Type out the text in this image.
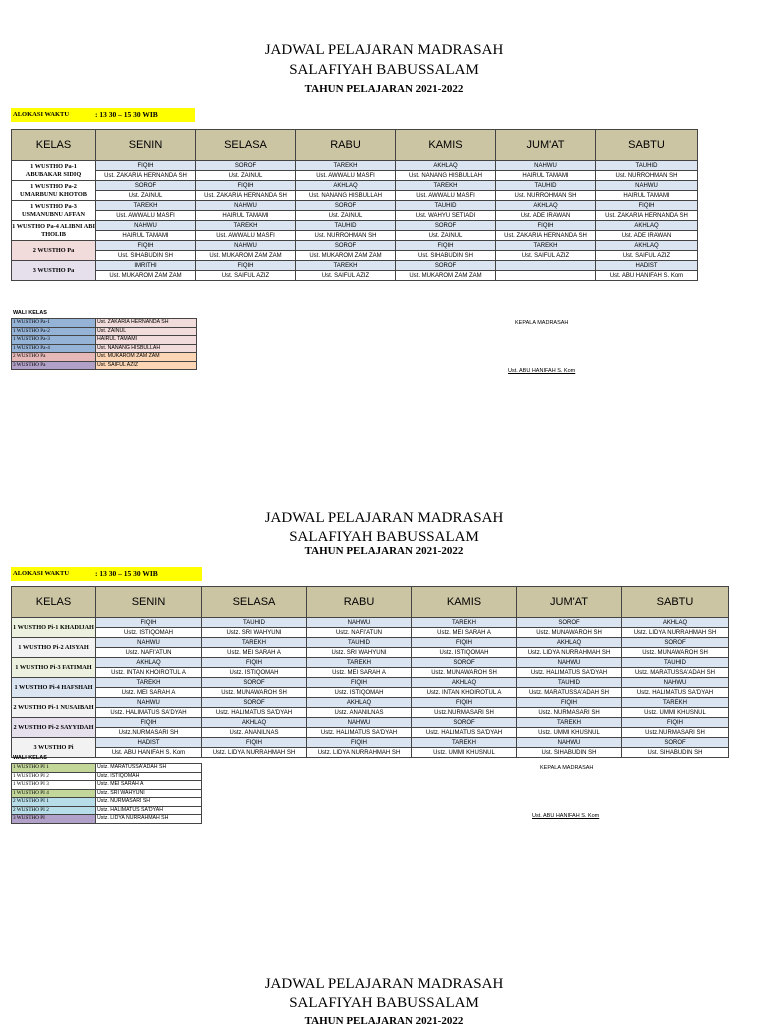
JADWAL PELAJARAN MADRASAH
SALAFIYAH BABUSSALAM
TAHUN PELAJARAN 2021-2022
ALOKASI WAKTU	: 13 30 – 15 30 WIB
KELAS	SENIN	SELASA	RABU	KAMIS	JUM'AT	SABTU
1 WUSTHO Pa-1 ABUBAKAR SIDIQ	FIQIH	SOROF	TAREKH	AKHLAQ	NAHWU	TAUHID
	Ust. ZAKARIA HERNANDA SH	Ust. ZAINUL	Ust. AWWALU MASFI	Ust. NANANG HISBULLAH	HAIRUL TAMAMI	Ust. NURROHMAN SH
1 WUSTHO Pa-2 UMARBUNU KHOTOB	SOROF	FIQIH	AKHLAQ	TAREKH	TAUHID	NAHWU
	Ust. ZAINUL	Ust. ZAKARIA HERNANDA SH	Ust. NANANG HISBULLAH	Ust. AWWALU MASFI	Ust. NURROHMAN SH	HAIRUL TAMAMI
1 WUSTHO Pa-3 USMANUBNU AFFAN	TAREKH	NAHWU	SOROF	TAUHID	AKHLAQ	FIQIH
	Ust. AWWALU MASFI	HAIRUL TAMAMI	Ust. ZAINUL	Ust. WAHYU SETIADI	Ust. ADE IRAWAN	Ust. ZAKARIA HERNANDA SH
1 WUSTHO Pa-4 ALIBNI ABI THOLIB	NAHWU	TAREKH	TAUHID	SOROF	FIQIH	AKHLAQ
	HAIRUL TAMAMI	Ust. AWWALU MASFI	Ust. NURROHMAN SH	Ust. ZAINUL	Ust. ZAKARIA HERNANDA SH	Ust. ADE IRAWAN
2 WUSTHO Pa	FIQIH	NAHWU	SOROF	FIQIH	TAREKH	AKHLAQ
	Ust. SIHABUDIN SH	Ust. MUKAROM ZAM ZAM	Ust. MUKAROM ZAM ZAM	Ust. SIHABUDIN SH	Ust. SAIFUL AZIZ	Ust. SAIFUL AZIZ
3 WUSTHO Pa	IMRITHI	FIQIH	TAREKH	SOROF		HADIST
	Ust. MUKAROM ZAM ZAM	Ust. SAIFUL AZIZ	Ust. SAIFUL AZIZ	Ust. MUKAROM ZAM ZAM		Ust. ABU HANIFAH S. Kom
WALI KELAS
1 WUSTHO Pa-1	Ust. ZAKARIA HERNANDA SH
1 WUSTHO Pa-2	Ust. ZAINUL
1 WUSTHO Pa-3	HAIRUL TAMAMI
1 WUSTHO Pa-4	Ust. NANANG HISBULLAH
2 WUSTHO Pa	Ust. MUKAROM ZAM ZAM
3 WUSTHO Pa	Ust. SAIFUL AZIZ
KEPALA MADRASAH
Ust. ABU HANIFAH S. Kom
JADWAL PELAJARAN MADRASAH
SALAFIYAH BABUSSALAM
TAHUN PELAJARAN 2021-2022
ALOKASI WAKTU	: 13 30 – 15 30 WIB
KELAS	SENIN	SELASA	RABU	KAMIS	JUM'AT	SABTU
1 WUSTHO Pi-1 KHADIJAH	FIQIH	TAUHID	NAHWU	TAREKH	SOROF	AKHLAQ
	Ustz. ISTIQOMAH	Ustz. SRI WAHYUNI	Ustz. NAFI'ATUN	Ustz. MEI SARAH A	Ustz. MUNAWAROH SH	Ustz. LIDYA NURRAHMAH SH
1 WUSTHO Pi-2 AISYAH	NAHWU	TAREKH	TAUHID	FIQIH	AKHLAQ	SOROF
	Ustz. NAFI'ATUN	Ustz. MEI SARAH A	Ustz. SRI WAHYUNI	Ustz. ISTIQOMAH	Ustz. LIDYA NURRAHMAH SH	Ustz. MUNAWAROH SH
1 WUSTHO Pi-3 FATIMAH	AKHLAQ	FIQIH	TAREKH	SOROF	NAHWU	TAUHID
	Ustz. INTAN KHOIROTUL A	Ustz. ISTIQOMAH	Ustz. MEI SARAH A	Ustz. MUNAWAROH SH	Ustz. HALIMATUS SA'DYAH	Ustz. MARATUSSA'ADAH SH
1 WUSTHO Pi-4 HAFSHAH	TAREKH	SOROF	FIQIH	AKHLAQ	TAUHID	NAHWU
	Ustz. MEI SARAH A	Ustz. MUNAWAROH SH	Ustz. ISTIQOMAH	Ustz. INTAN KHOIROTUL A	Ustz. MARATUSSA'ADAH SH	Ustz. HALIMATUS SA'DYAH
2 WUSTHO Pi-1 NUSAIBAH	NAHWU	SOROF	AKHLAQ	FIQIH	FIQIH	TAREKH
	Ustz. HALIMATUS SA'DYAH	Ustz. HALIMATUS SA'DYAH	Ustz. ANANILNAS	Ustz.NURMASARI SH	Ustz. NURMASARI SH	Ustz. UMMI KHUSNUL
2 WUSTHO Pi-2 SAYYIDAH	FIQIH	AKHLAQ	NAHWU	SOROF	TAREKH	FIQIH
	Ustz.NURMASARI SH	Ustz. ANANILNAS	Ustz. HALIMATUS SA'DYAH	Ustz. HALIMATUS SA'DYAH	Ustz. UMMI KHUSNUL	Ustz.NURMASARI SH
3 WUSTHO Pi	HADIST	FIQIH	FIQIH	TAREKH	NAHWU	SOROF
	Ust. ABU HANIFAH S. Kom	Ustz. LIDYA NURRAHMAH SH	Ustz. LIDYA NURRAHMAH SH	Ustz. UMMI KHUSNUL	Ust. SIHABUDIN SH	Ust. SIHABUDIN SH
WALI KELAS
1 WUSTHO PI 1	Ustz. MARATUSSA'ADAH SH
1 WUSTHO PI 2	Ustz. ISTIQOMAH
1 WUSTHO PI 3	Ustz. MEI SARAH A
1 WUSTHO PI 4	Ustz. SRI WAHYUNI
2 WUSTHO PI 1	Ustz. NURMASARI SH
2 WUSTHO PI 2	Ustz. HALIMATUS SA'DYAH
3 WUSTHO PI	Ustz. LIDYA NURRAHMAH SH
KEPALA MADRASAH
Ust. ABU HANIFAH S. Kom
JADWAL PELAJARAN MADRASAH
SALAFIYAH BABUSSALAM
TAHUN PELAJARAN 2021-2022
